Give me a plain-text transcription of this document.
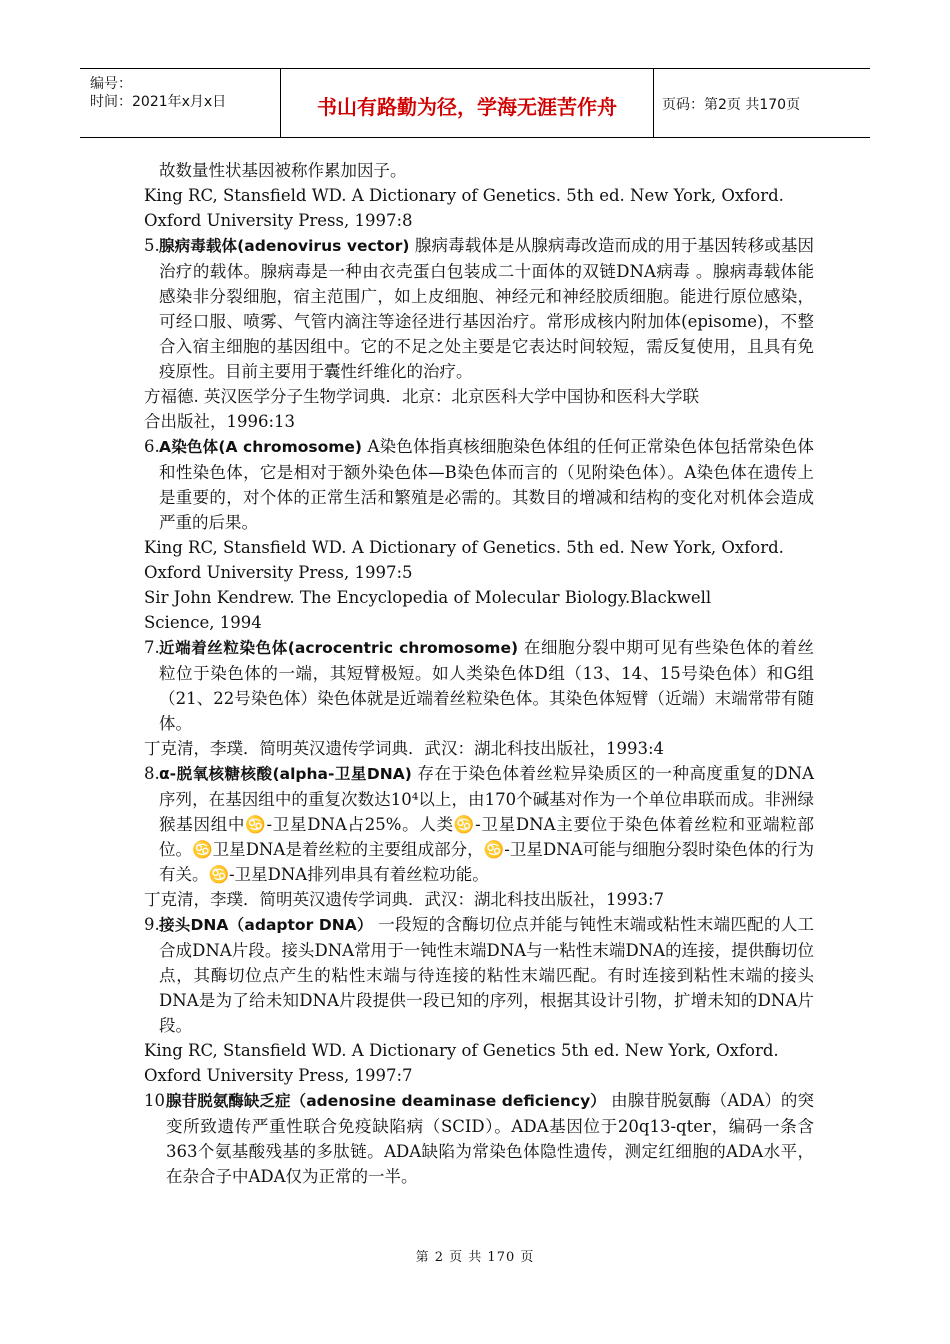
编号：
时间：2021年x月x日	书山有路勤为径，学海无涯苦作舟	页码：第2页 共170页

故数量性状基因被称作累加因子。

King RC, Stansfield WD. A Dictionary of Genetics. 5th ed. New York, Oxford.

Oxford University Press, 1997:8

5. 腺病毒载体(adenovirus vector) 腺病毒载体是从腺病毒改造而成的用于基因转移或基因治疗的载体。腺病毒是一种由衣壳蛋白包装成二十面体的双链DNA病毒 。腺病毒载体能感染非分裂细胞，宿主范围广，如上皮细胞、神经元和神经胶质细胞。能进行原位感染，可经口服、喷雾、气管内滴注等途径进行基因治疗。常形成核内附加体(episome)，不整合入宿主细胞的基因组中。它的不足之处主要是它表达时间较短，需反复使用，且具有免疫原性。目前主要用于囊性纤维化的治疗。

方福德. 英汉医学分子生物学词典．北京：北京医科大学中国协和医科大学联

合出版社，1996:13

6. A染色体(A chromosome) A染色体指真核细胞染色体组的任何正常染色体包括常染色体和性染色体，它是相对于额外染色体—B染色体而言的（见附染色体）。A染色体在遗传上是重要的，对个体的正常生活和繁殖是必需的。其数目的增减和结构的变化对机体会造成严重的后果。

King RC, Stansfield WD. A Dictionary of Genetics. 5th ed. New York, Oxford.

Oxford University Press, 1997:5

Sir John Kendrew. The Encyclopedia of Molecular Biology.Blackwell

Science, 1994

7. 近端着丝粒染色体(acrocentric chromosome) 在细胞分裂中期可见有些染色体的着丝粒位于染色体的一端，其短臂极短。如人类染色体D组（13、14、15号染色体）和G组（21、22号染色体）染色体就是近端着丝粒染色体。其染色体短臂（近端）末端常带有随体。

丁克清，李璞．简明英汉遗传学词典．武汉：湖北科技出版社，1993:4

8. α-脱氧核糖核酸(alpha-卫星DNA) 存在于染色体着丝粒异染质区的一种高度重复的DNA序列，在基因组中的重复次数达10⁴以上，由170个碱基对作为一个单位串联而成。非洲绿猴基因组中♋-卫星DNA占25%。人类♋-卫星DNA主要位于染色体着丝粒和亚端粒部位。♋卫星DNA是着丝粒的主要组成部分，♋-卫星DNA可能与细胞分裂时染色体的行为有关。♋-卫星DNA排列串具有着丝粒功能。

丁克清，李璞．简明英汉遗传学词典．武汉：湖北科技出版社，1993:7

9. 接头DNA（adaptor DNA） 一段短的含酶切位点并能与钝性末端或粘性末端匹配的人工合成DNA片段。接头DNA常用于一钝性末端DNA与一粘性末端DNA的连接，提供酶切位点，其酶切位点产生的粘性末端与待连接的粘性末端匹配。有时连接到粘性末端的接头DNA是为了给未知DNA片段提供一段已知的序列，根据其设计引物，扩增未知的DNA片段。

King RC, Stansfield WD. A Dictionary of Genetics 5th ed. New York, Oxford.

Oxford University Press, 1997:7

10.
腺苷脱氨酶缺乏症（adenosine deaminase deficiency） 由腺苷脱氨酶（ADA）的突变所致遗传严重性联合免疫缺陷病（SCID）。ADA基因位于20q13-qter，编码一条含363个氨基酸残基的多肽链。ADA缺陷为常染色体隐性遗传，测定红细胞的ADA水平，在杂合子中ADA仅为正常的一半。

第 2 页 共 170 页
